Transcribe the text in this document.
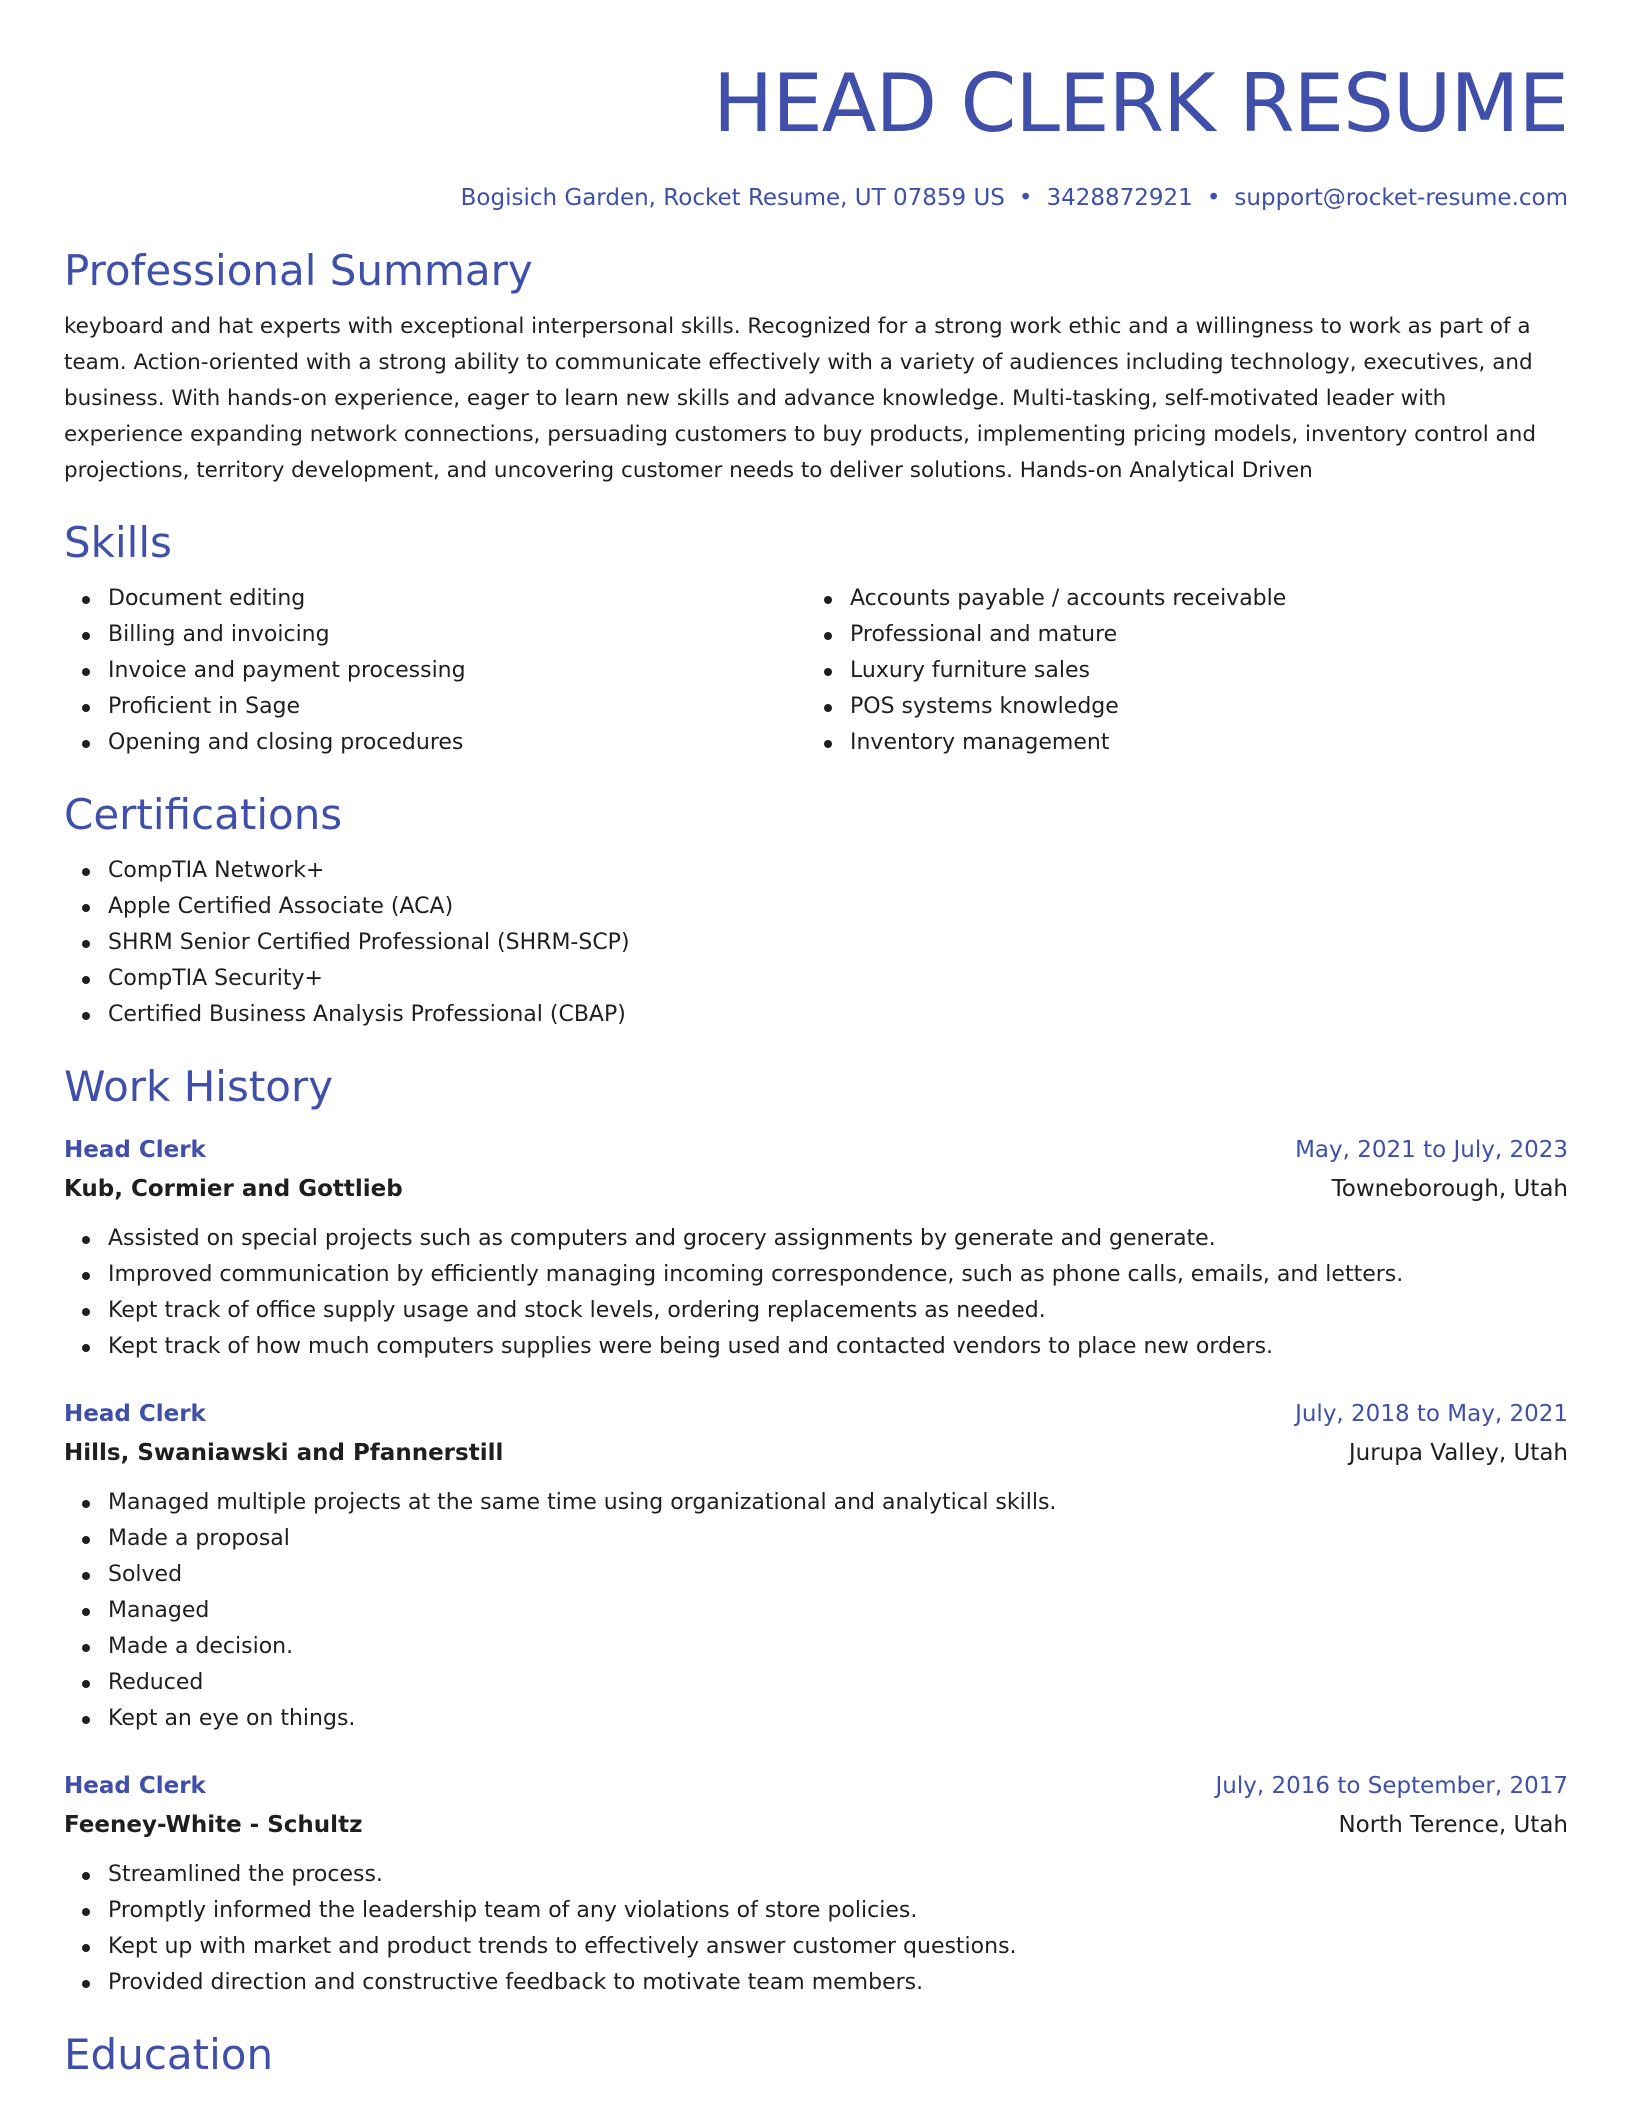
HEAD CLERK RESUME
Bogisich Garden, Rocket Resume, UT 07859 US • 3428872921 • support@rocket-resume.com
Professional Summary

keyboard and hat experts with exceptional interpersonal skills. Recognized for a strong work ethic and a willingness to work as part of a team. Action-oriented with a strong ability to communicate effectively with a variety of audiences including technology, executives, and business. With hands-on experience, eager to learn new skills and advance knowledge. Multi-tasking, self-motivated leader with experience expanding network connections, persuading customers to buy products, implementing pricing models, inventory control and projections, territory development, and uncovering customer needs to deliver solutions. Hands-on Analytical Driven

Skills
Document editing
Billing and invoicing
Invoice and payment processing
Proficient in Sage
Opening and closing procedures
Accounts payable / accounts receivable
Professional and mature
Luxury furniture sales
POS systems knowledge
Inventory management
Certifications
CompTIA Network+
Apple Certified Associate (ACA)
SHRM Senior Certified Professional (SHRM-SCP)
CompTIA Security+
Certified Business Analysis Professional (CBAP)
Work History
Head Clerk	May, 2021 to July, 2023
Kub, Cormier and Gottlieb	Towneborough, Utah
Assisted on special projects such as computers and grocery assignments by generate and generate.
Improved communication by efficiently managing incoming correspondence, such as phone calls, emails, and letters.
Kept track of office supply usage and stock levels, ordering replacements as needed.
Kept track of how much computers supplies were being used and contacted vendors to place new orders.
Head Clerk	July, 2018 to May, 2021
Hills, Swaniawski and Pfannerstill	Jurupa Valley, Utah
Managed multiple projects at the same time using organizational and analytical skills.
Made a proposal
Solved
Managed
Made a decision.
Reduced
Kept an eye on things.
Head Clerk	July, 2016 to September, 2017
Feeney-White - Schultz	North Terence, Utah
Streamlined the process.
Promptly informed the leadership team of any violations of store policies.
Kept up with market and product trends to effectively answer customer questions.
Provided direction and constructive feedback to motivate team members.
Education
